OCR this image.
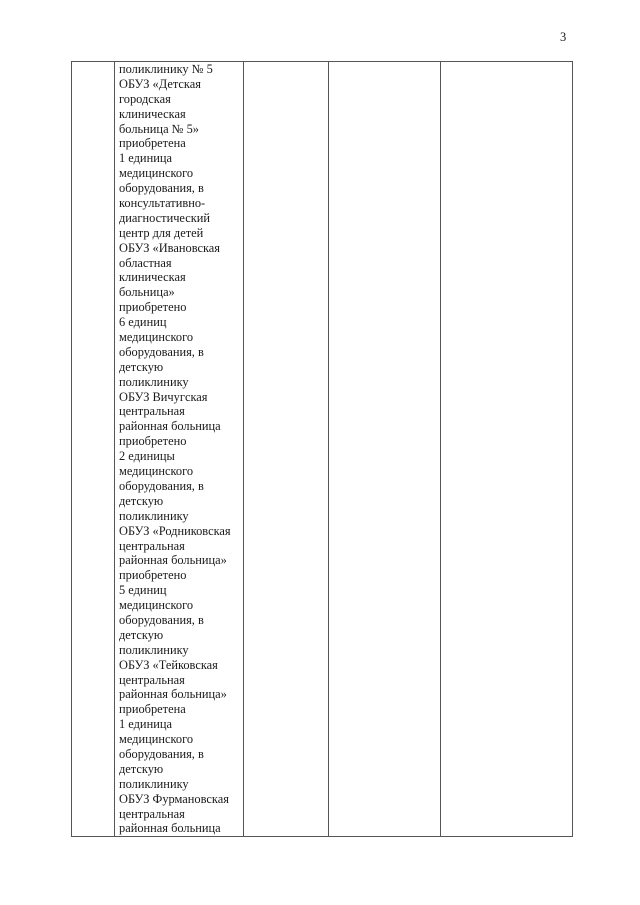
3

поликлинику № 5
ОБУЗ «Детская
городская
клиническая
больница № 5»
приобретена
1 единица
медицинского
оборудования, в
консультативно-
диагностический
центр для детей
ОБУЗ «Ивановская
областная
клиническая
больница»
приобретено
6 единиц
медицинского
оборудования, в
детскую
поликлинику
ОБУЗ Вичугская
центральная
районная больница
приобретено
2 единицы
медицинского
оборудования, в
детскую
поликлинику
ОБУЗ «Родниковская
центральная
районная больница»
приобретено
5 единиц
медицинского
оборудования, в
детскую
поликлинику
ОБУЗ «Тейковская
центральная
районная больница»
приобретена
1 единица
медицинского
оборудования, в
детскую
поликлинику
ОБУЗ Фурмановская
центральная
районная больница
